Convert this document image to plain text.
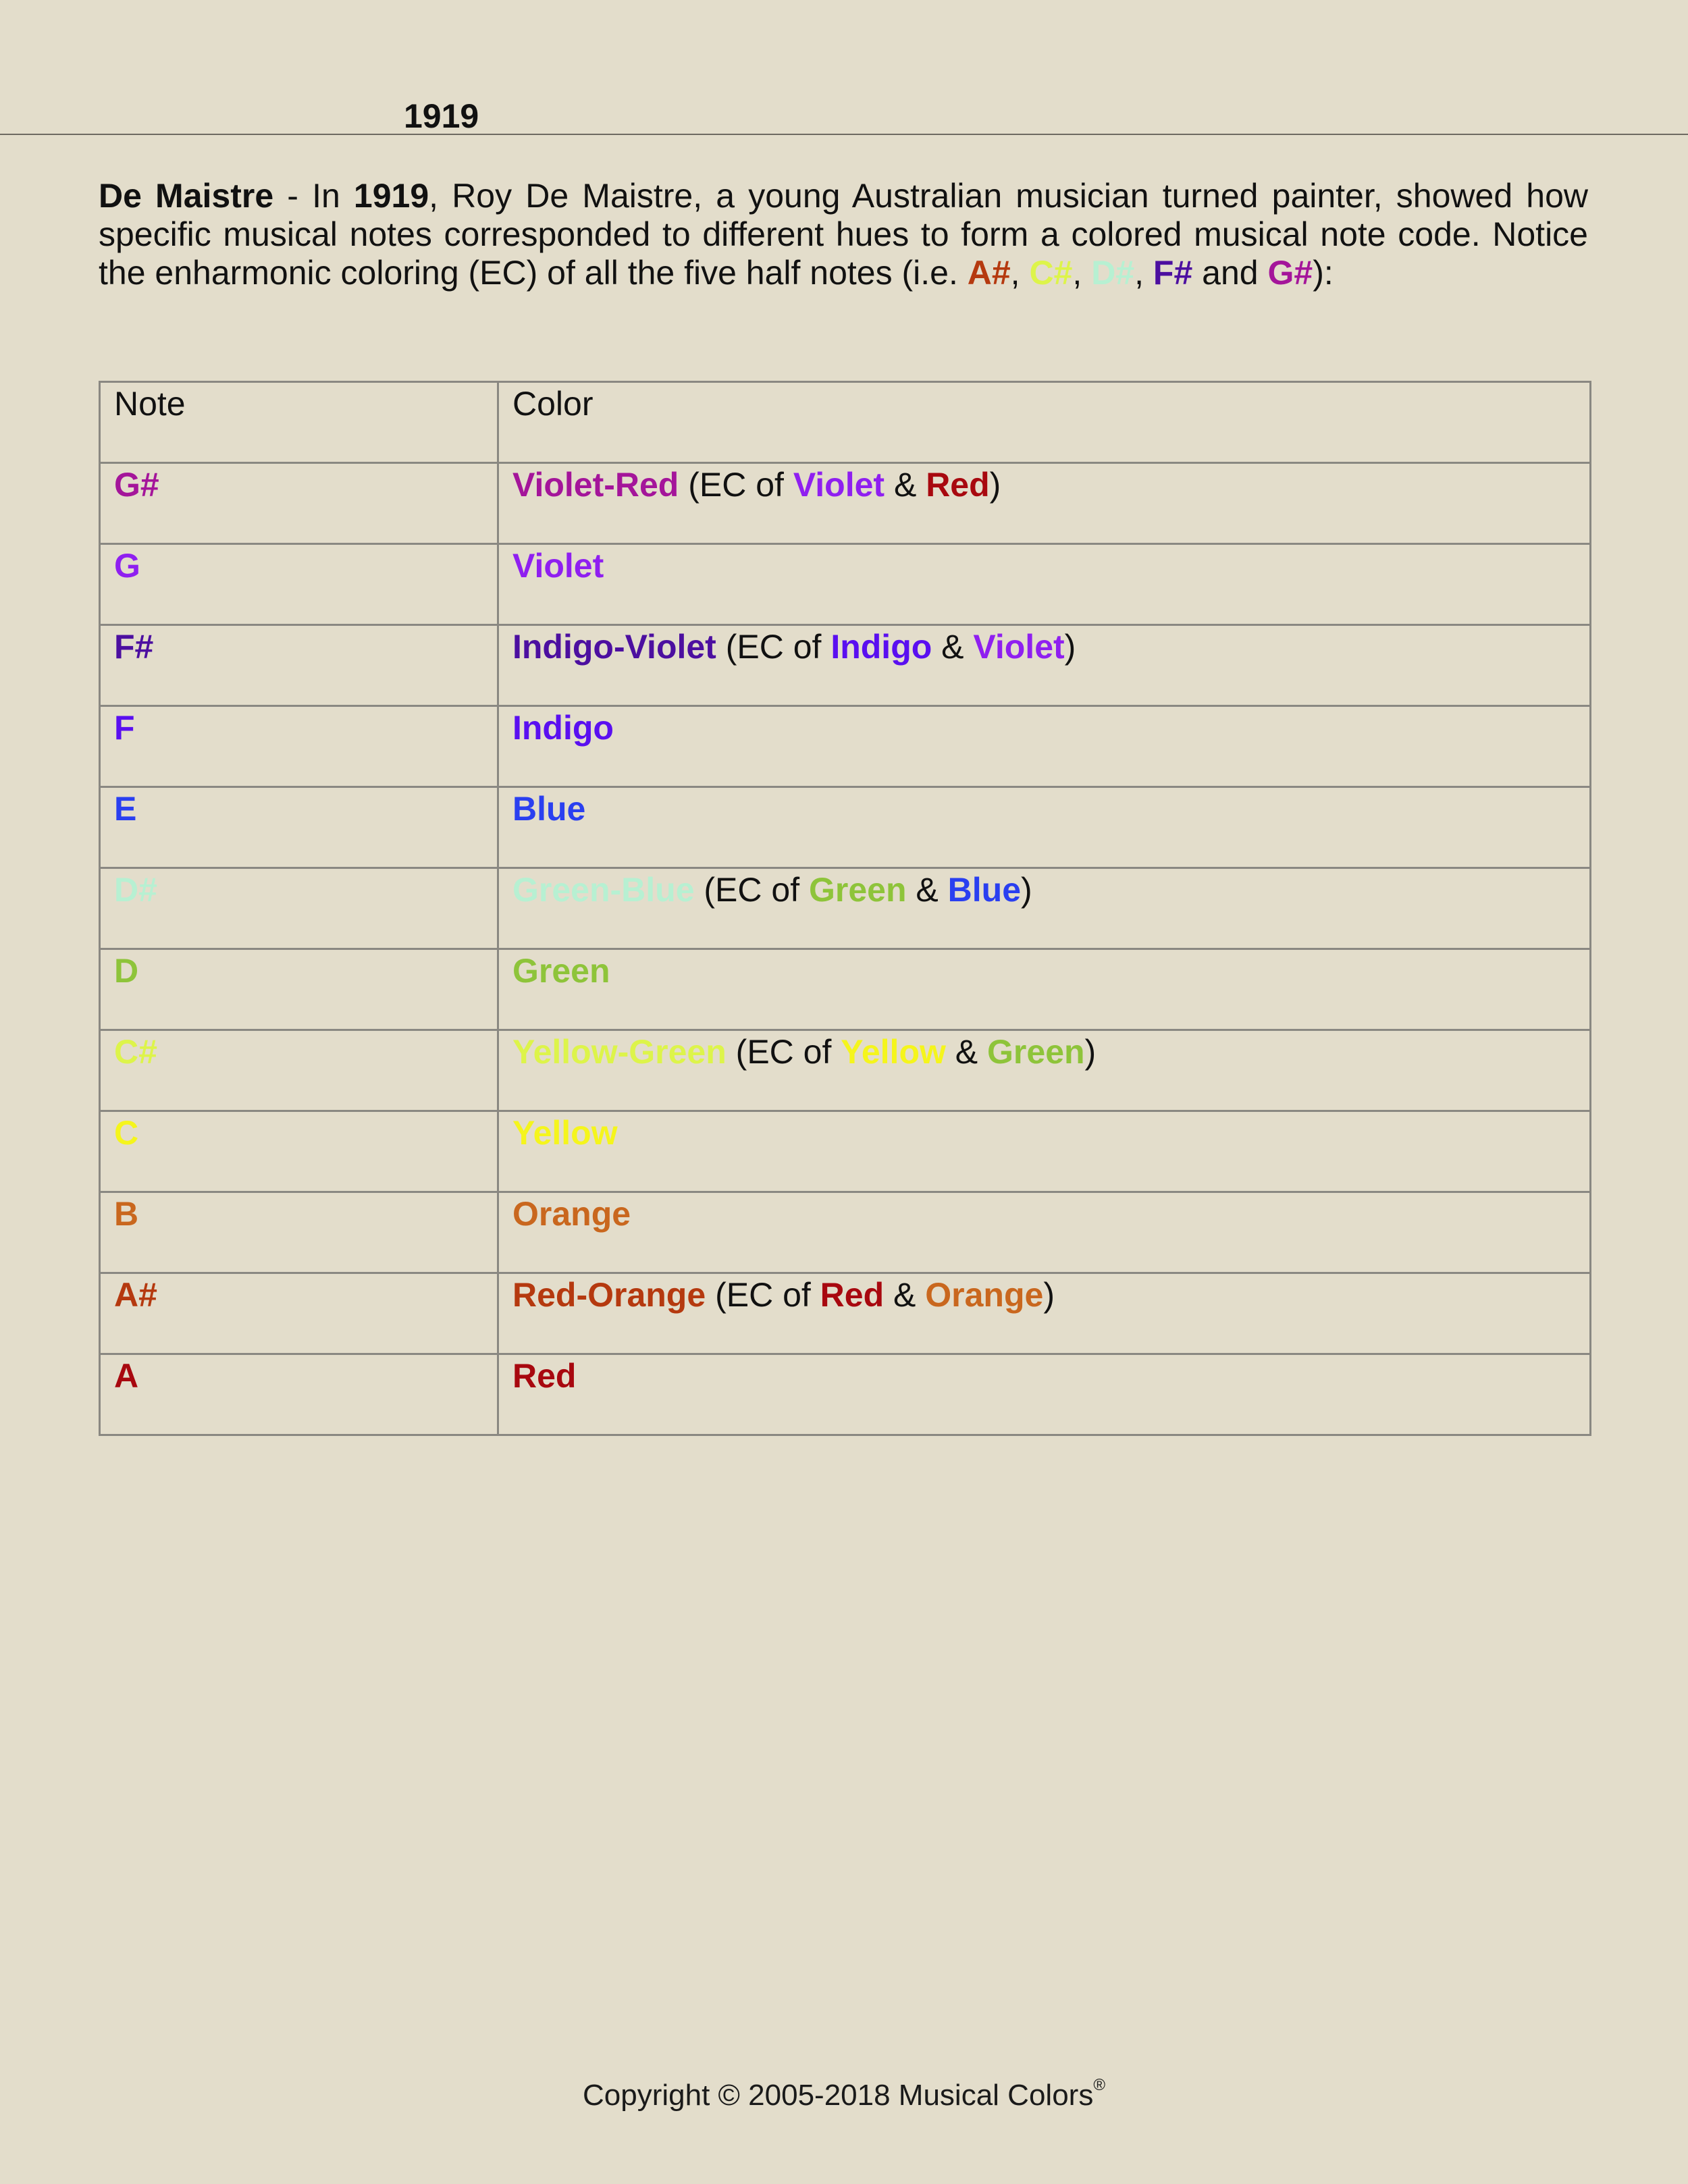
1919

De Maistre - In 1919, Roy De Maistre, a young Australian musician turned painter, showed how specific musical notes corresponded to different hues to form a colored musical note code. Notice the enharmonic coloring (EC) of all the five half notes (i.e. A#, C#, D#, F# and G#):

Note	Color

G#	Violet-Red (EC of Violet & Red)

G	Violet

F#	Indigo-Violet (EC of Indigo & Violet)

F	Indigo

E	Blue

D#	Green-Blue (EC of Green & Blue)

D	Green

C#	Yellow-Green (EC of Yellow & Green)

C	Yellow

B	Orange

A#	Red-Orange (EC of Red & Orange)

A	Red
Copyright © 2005-2018 Musical Colors®
